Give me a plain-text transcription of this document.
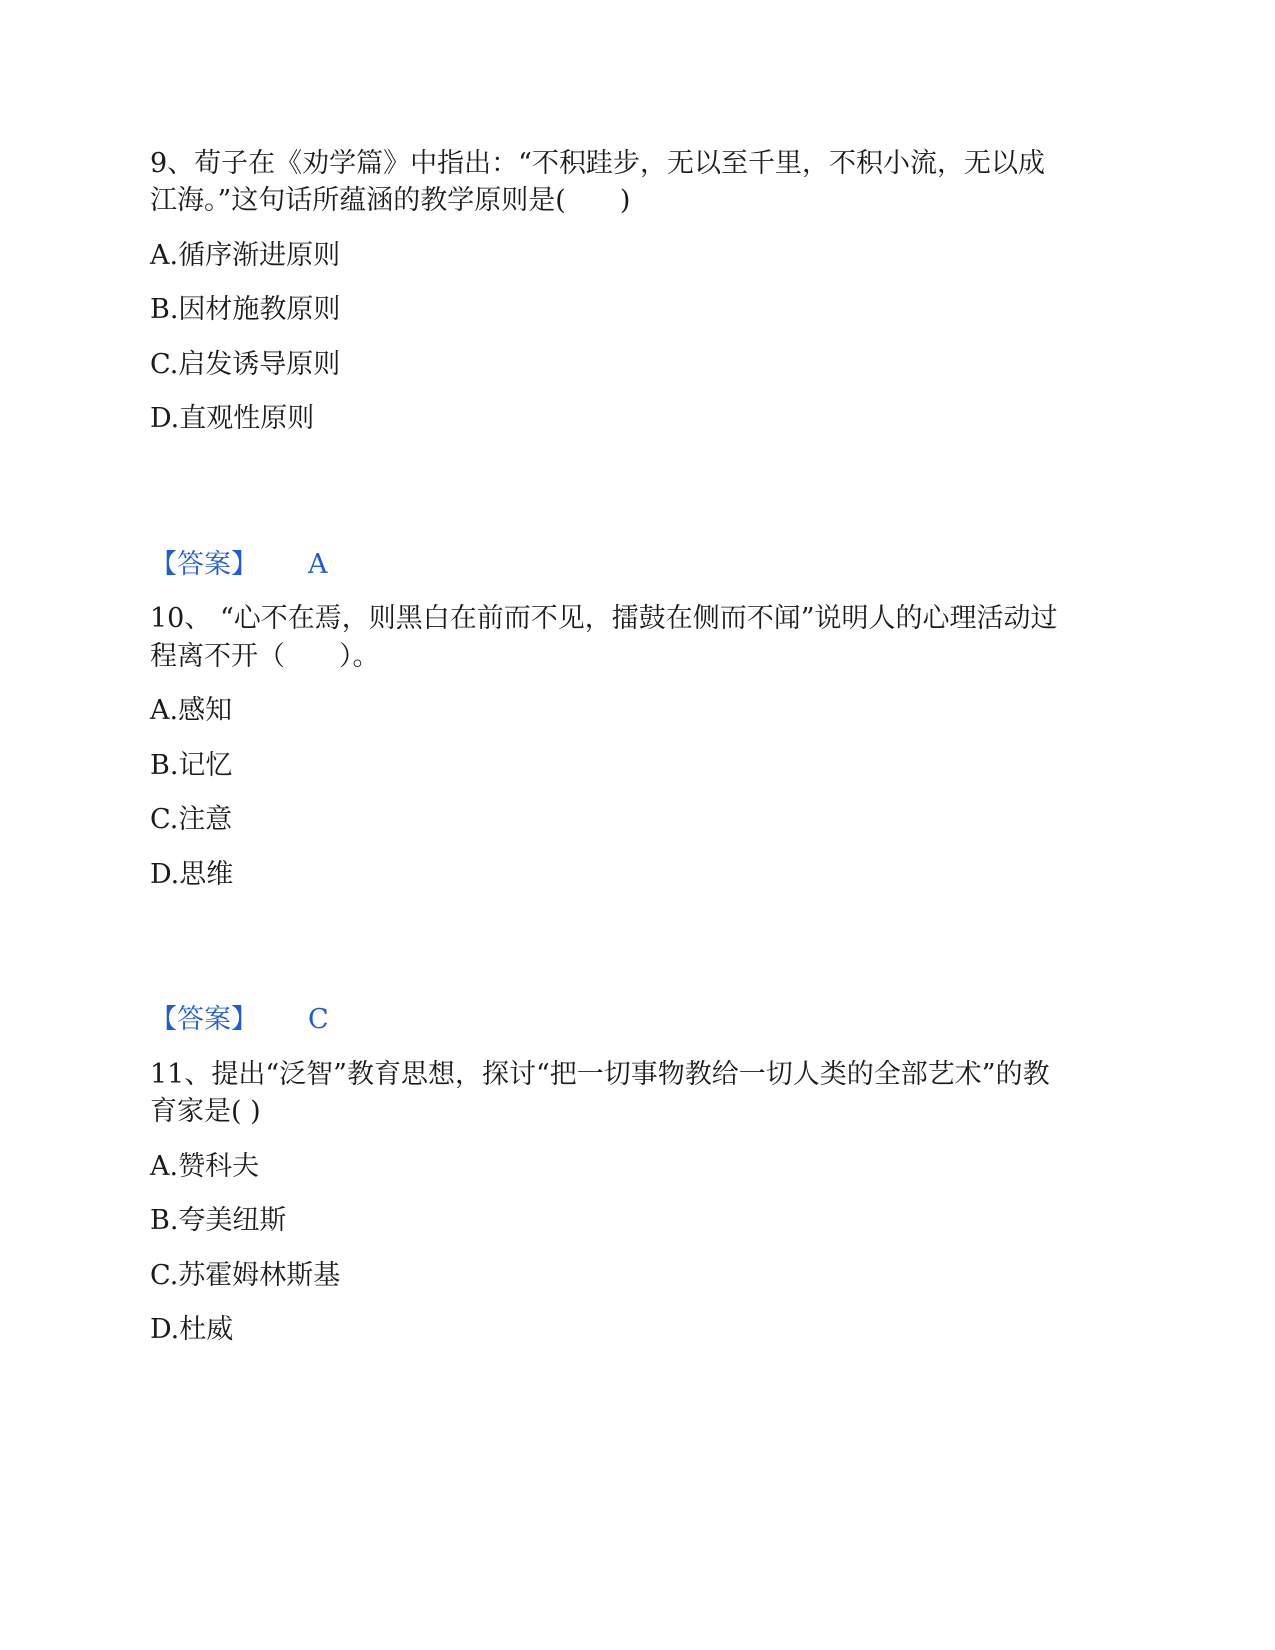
9、荀子在《劝学篇》中指出：“不积跬步，无以至千里，不积小流，无以成
江海。”这句话所蕴涵的教学原则是(　　)
A.循序渐进原则
B.因材施教原则
C.启发诱导原则
D.直观性原则
【答案】 A
10、 “心不在焉，则黑白在前而不见，擂鼓在侧而不闻”说明人的心理活动过
程离不开（　　）。
A.感知
B.记忆
C.注意
D.思维
【答案】 C
11、提出“泛智”教育思想，探讨“把一切事物教给一切人类的全部艺术”的教
育家是( )
A.赞科夫
B.夸美纽斯
C.苏霍姆林斯基
D.杜威
